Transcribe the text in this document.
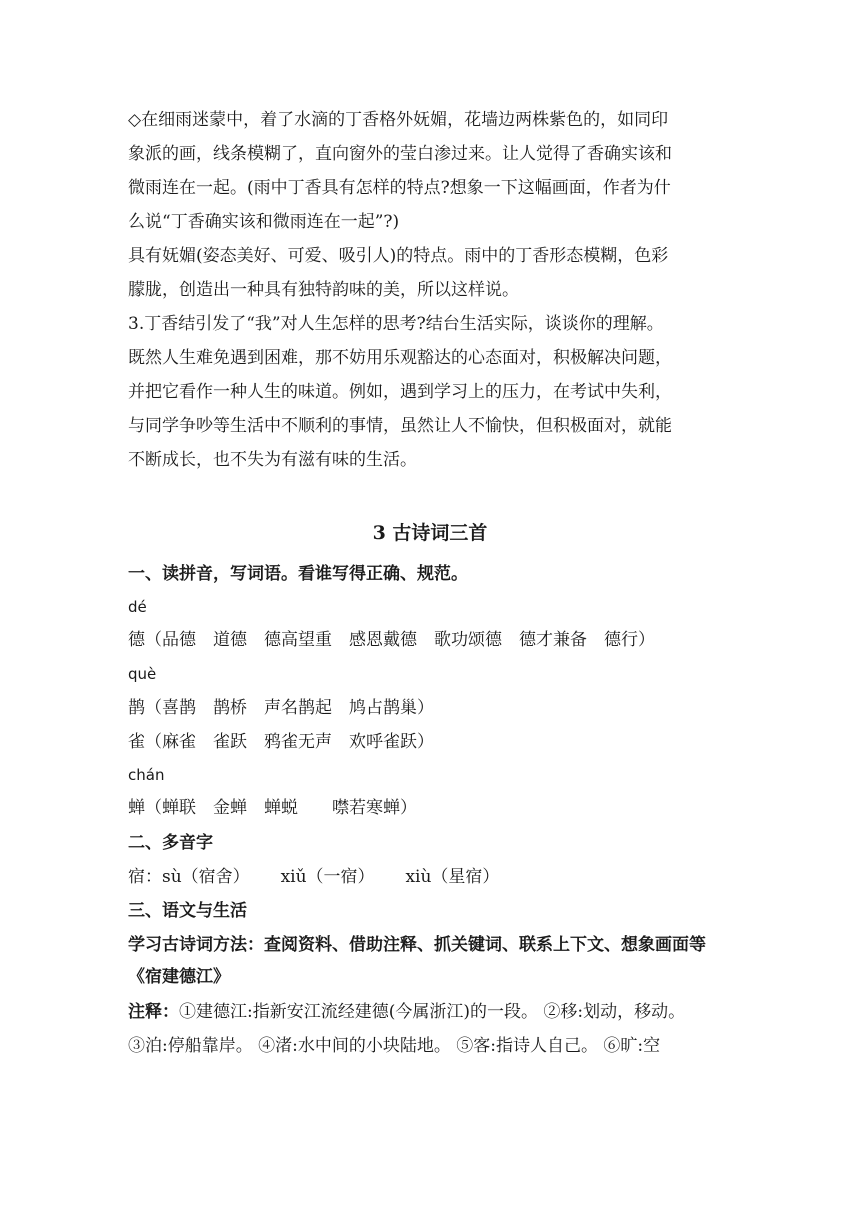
◇在细雨迷蒙中，着了水滴的丁香格外妩媚，花墙边两株紫色的，如同印
象派的画，线条模糊了，直向窗外的莹白渗过来。让人觉得了香确实该和
微雨连在一起。(雨中丁香具有怎样的特点?想象一下这幅画面，作者为什
么说“丁香确实该和微雨连在一起”?)
具有妩媚(姿态美好、可爱、吸引人)的特点。雨中的丁香形态模糊，色彩
朦胧，创造出一种具有独特韵味的美，所以这样说。
3.丁香结引发了“我”对人生怎样的思考?结台生活实际，谈谈你的理解。
既然人生难免遇到困难，那不妨用乐观豁达的心态面对，积极解决问题，
并把它看作一种人生的味道。例如，遇到学习上的压力，在考试中失利，
与同学争吵等生活中不顺利的事情，虽然让人不愉快，但积极面对，就能
不断成长，也不失为有滋有味的生活。
3 古诗词三首
一、读拼音，写词语。看谁写得正确、规范。
dé
德（品德　道德　德高望重　感恩戴德　歌功颂德　德才兼备　德行）
què
鹊（喜鹊　鹊桥　声名鹊起　鸠占鹊巢）
雀（麻雀　雀跃　鸦雀无声　欢呼雀跃）
chán
蝉（蝉联　金蝉　蝉蜕　　噤若寒蝉）
二、多音字
宿：sù（宿舍）　　 xiǔ（一宿）　　 xiù（星宿）
三、语文与生活
学习古诗词方法：查阅资料、借助注释、抓关键词、联系上下文、想象画面等
《宿建德江》
注释：①建德江:指新安江流经建德(今属浙江)的一段。 ②移:划动，移动。
③泊:停船靠岸。 ④渚:水中间的小块陆地。 ⑤客:指诗人自己。 ⑥旷:空
